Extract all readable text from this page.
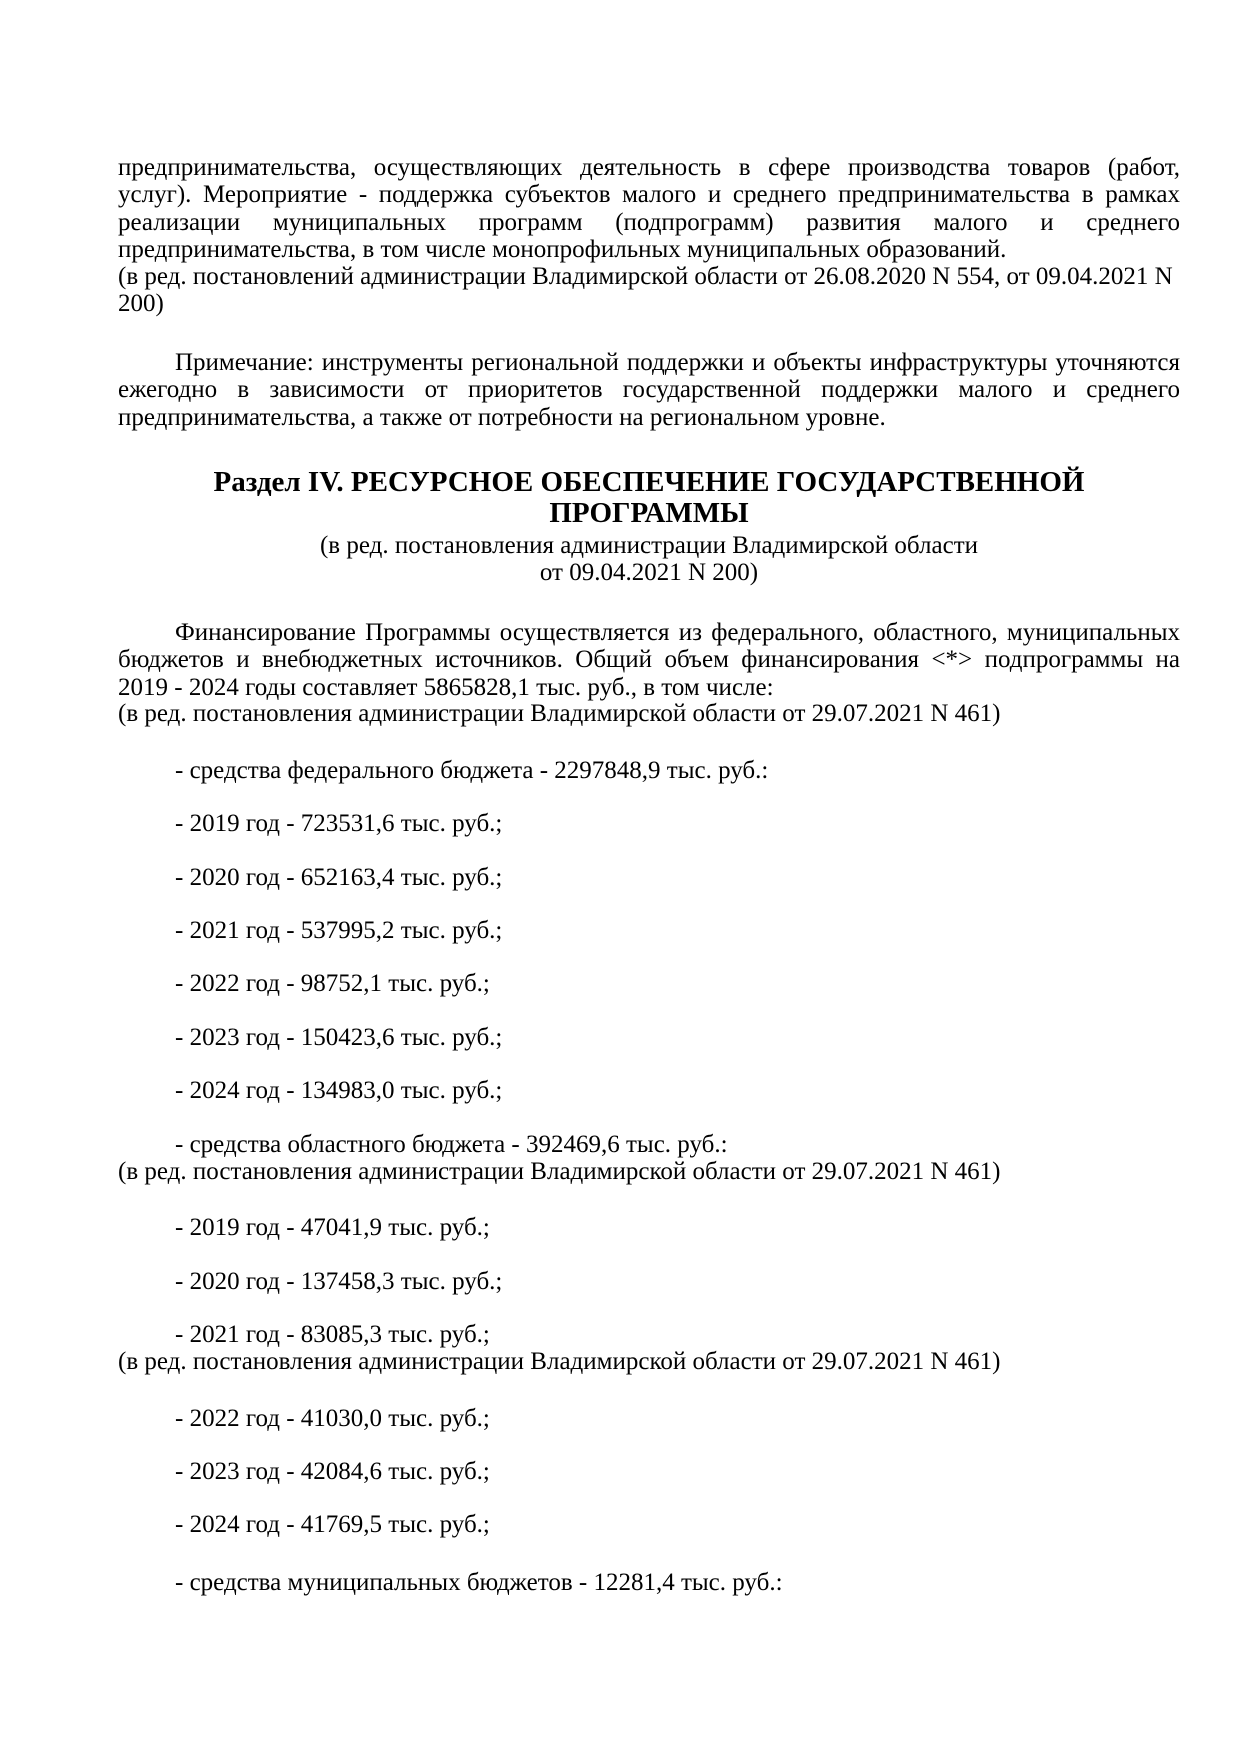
предпринимательства, осуществляющих деятельность в сфере производства товаров (работ, услуг). Мероприятие - поддержка субъектов малого и среднего предпринимательства в рамках реализации муниципальных программ (подпрограмм) развития малого и среднего предпринимательства, в том числе монопрофильных муниципальных образований.
(в ред. постановлений администрации Владимирской области от 26.08.2020 N 554, от 09.04.2021 N 200)
Примечание: инструменты региональной поддержки и объекты инфраструктуры уточняются ежегодно в зависимости от приоритетов государственной поддержки малого и среднего предпринимательства, а также от потребности на региональном уровне.
Раздел IV. РЕСУРСНОЕ ОБЕСПЕЧЕНИЕ ГОСУДАРСТВЕННОЙ
ПРОГРАММЫ
(в ред. постановления администрации Владимирской области
от 09.04.2021 N 200)
Финансирование Программы осуществляется из федерального, областного, муниципальных бюджетов и внебюджетных источников. Общий объем финансирования <*> подпрограммы на 2019 - 2024 годы составляет 5865828,1 тыс. руб., в том числе:
(в ред. постановления администрации Владимирской области от 29.07.2021 N 461)
- средства федерального бюджета - 2297848,9 тыс. руб.:
- 2019 год - 723531,6 тыс. руб.;
- 2020 год - 652163,4 тыс. руб.;
- 2021 год - 537995,2 тыс. руб.;
- 2022 год - 98752,1 тыс. руб.;
- 2023 год - 150423,6 тыс. руб.;
- 2024 год - 134983,0 тыс. руб.;
- средства областного бюджета - 392469,6 тыс. руб.:
(в ред. постановления администрации Владимирской области от 29.07.2021 N 461)
- 2019 год - 47041,9 тыс. руб.;
- 2020 год - 137458,3 тыс. руб.;
- 2021 год - 83085,3 тыс. руб.;
(в ред. постановления администрации Владимирской области от 29.07.2021 N 461)
- 2022 год - 41030,0 тыс. руб.;
- 2023 год - 42084,6 тыс. руб.;
- 2024 год - 41769,5 тыс. руб.;
- средства муниципальных бюджетов - 12281,4 тыс. руб.:
